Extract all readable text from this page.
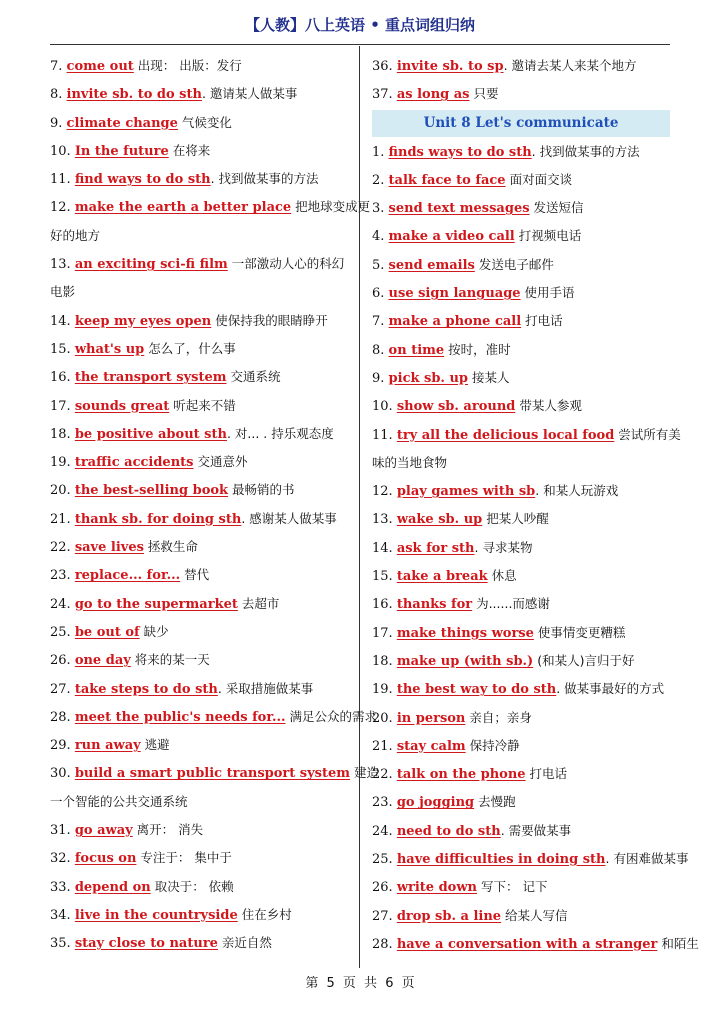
【人教】八上英语 • 重点词组归纳
7. come out 出现： 出版：发行
8. invite sb. to do sth. 邀请某人做某事
9. climate change 气候变化
10. In the future 在将来
11. find ways to do sth. 找到做某事的方法
12. make the earth a better place 把地球变成更
好的地方
13. an exciting sci-fi film 一部激动人心的科幻
电影
14. keep my eyes open 使保持我的眼睛睁开
15. what's up 怎么了，什么事
16. the transport system 交通系统
17. sounds great 听起来不错
18. be positive about sth. 对... . 持乐观态度
19. traffic accidents 交通意外
20. the best-selling book 最畅销的书
21. thank sb. for doing sth. 感谢某人做某事
22. save lives 拯救生命
23. replace... for... 替代
24. go to the supermarket 去超市
25. be out of 缺少
26. one day 将来的某一天
27. take steps to do sth. 采取措施做某事
28. meet the public's needs for... 满足公众的需求
29. run away 逃避
30. build a smart public transport system 建造
一个智能的公共交通系统
31. go away 离开： 消失
32. focus on 专注于： 集中于
33. depend on 取决于： 依赖
34. live in the countryside 住在乡村
35. stay close to nature 亲近自然
36. invite sb. to sp. 邀请去某人来某个地方
37. as long as 只要
Unit 8 Let's communicate
1. finds ways to do sth. 找到做某事的方法
2. talk face to face 面对面交谈
3. send text messages 发送短信
4. make a video call 打视频电话
5. send emails 发送电子邮件
6. use sign language 使用手语
7. make a phone call 打电话
8. on time 按时，准时
9. pick sb. up 接某人
10. show sb. around 带某人参观
11. try all the delicious local food 尝试所有美
味的当地食物
12. play games with sb. 和某人玩游戏
13. wake sb. up 把某人吵醒
14. ask for sth. 寻求某物
15. take a break 休息
16. thanks for 为......而感谢
17. make things worse 使事情变更糟糕
18. make up (with sb.) (和某人)言归于好
19. the best way to do sth. 做某事最好的方式
20. in person 亲自；亲身
21. stay calm 保持冷静
22. talk on the phone 打电话
23. go jogging 去慢跑
24. need to do sth. 需要做某事
25. have difficulties in doing sth. 有困难做某事
26. write down 写下： 记下
27. drop sb. a line 给某人写信
28. have a conversation with a stranger 和陌生
第 5 页 共 6 页
